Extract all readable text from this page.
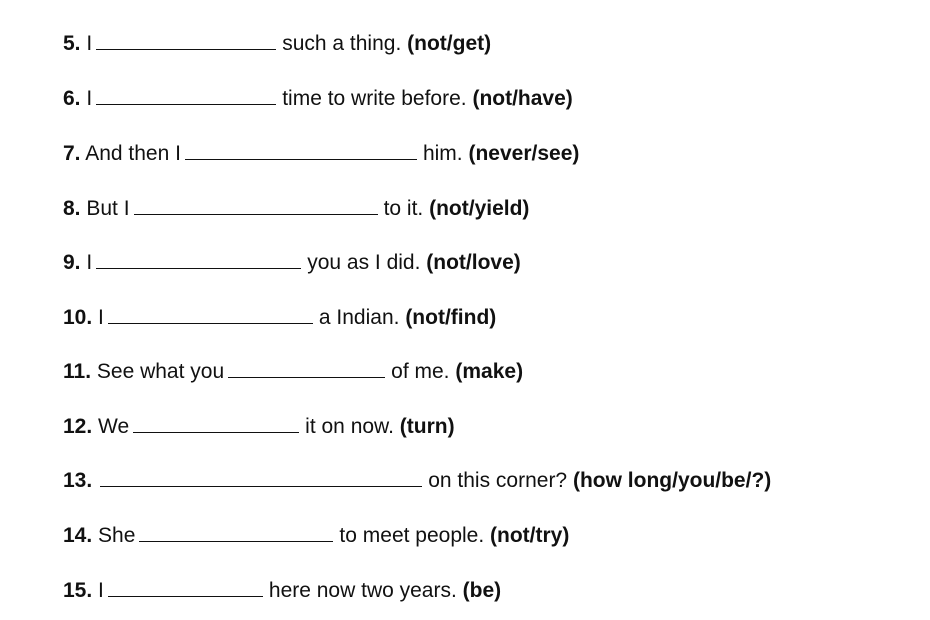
5. I	such a thing. (not/get)
6. I	time to write before. (not/have)
7. And then I	him. (never/see)
8. But I	to it. (not/yield)
9. I	you as I did. (not/love)
10. I	a Indian. (not/find)
11. See what you	of me. (make)
12. We	it on now. (turn)
13.	on this corner? (how long/you/be/?)
14. She	to meet people. (not/try)
15. I	here now two years. (be)
